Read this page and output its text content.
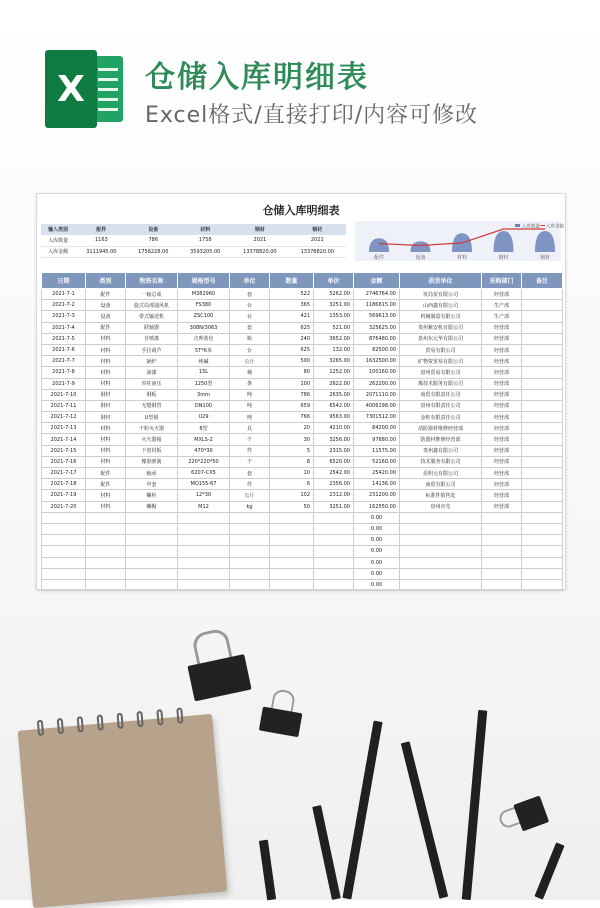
X	仓储入库明细表
Excel格式/直接打印/内容可修改
仓储入库明细表
输入类别	配件	设备	材料	钢材	钢材
入库数量	1163	786	1758	2021	2021
入库金额	3111945.00	1756228.00	3593205.00	13378820.00	13378820.00
配件	设备	材料	钢材	钢材
入库数量 入库金额
日期	类别	物资名称	规格型号	单位	数量	单价	金额	供货单位	采购部门	备注
2021-7-1	配件	一轴总成	M382960	套	522	5262.00	2746764.00	发局贸有限公司	经营部	
2021-7-2	设备	旋式局部通风机	FS380	台	365	3251.00	1186615.00	山西鑫有限公司	生产部	
2021-7-3	设备	带式输送机	ZSC100	台	421	1353.00	569613.00	机械制造有限公司	生产部	
2021-7-4	配件	联轴器	308N/3063	套	625	521.00	325625.00	贵州紫安机有限公司	经营部	
2021-7-5	材料	自喷漆	音帅蓝色	瓶	240	3652.00	876480.00	盘州东元华有限公司	经营部	
2021-7-6	材料	手拉葫芦	5T*6米	台	625	132.00	82500.00	贸易有限公司	经营部	
2021-7-7	材料	锅炉	纯碱	公斤	500	3265.00	1632500.00	矿物资贸易有限公司	经营部	
2021-7-8	材料	油漆	15L	桶	80	1252.00	100160.00	盘州贸易有限公司	经营部	
2021-7-9	材料	单柱液压	1250型	条	100	2622.00	262200.00	煤技术服务有限公司	经营部	
2021-7-10	钢材	钢板	3mm	吨	786	2635.00	2071110.00	商贸有限责任公司	经营部	
2021-7-11	钢材	无缝钢管	DN100	吨	659	6542.00	4006198.00	盘州有限责任公司	经营部	
2021-7-12	钢材	U型钢	U29	吨	766	9563.00	7301512.00	金桩有限责任公司	经营部	
2021-7-13	材料	干粉灭火器	8型	具	20	4210.00	84200.00	消防器材维修经营部	经营部	
2021-7-14	材料	灭火器箱	MXLS-2	个	30	3256.00	97680.00	防器材维修经营部	经营部	
2021-7-15	材料	下密封板	470*30	件	5	2315.00	11575.00	贵州鑫有限公司	经营部	
2021-7-16	材料	橡胶弹簧	220*220*50	个	8	6520.00	52160.00	技术服务有限公司	经营部	
2021-7-17	配件	轴承	6207-CX5	套	10	2542.00	25420.00	昆明元有限公司	经营部	
2021-7-18	配件	甲套	MO155-67	件	6	2356.00	14136.00	商贸有限公司	经营部	
2021-7-19	材料	螺栓	12*30	公斤	102	2312.00	231200.00	标准件销售处	经营部	
2021-7-20	材料	螺帽	M12	kg	50	3251.00	162550.00	盘州市光	经营部	
							0.00			
							0.00			
							0.00			
							0.00			
							0.00			
							0.00			
							0.00			
